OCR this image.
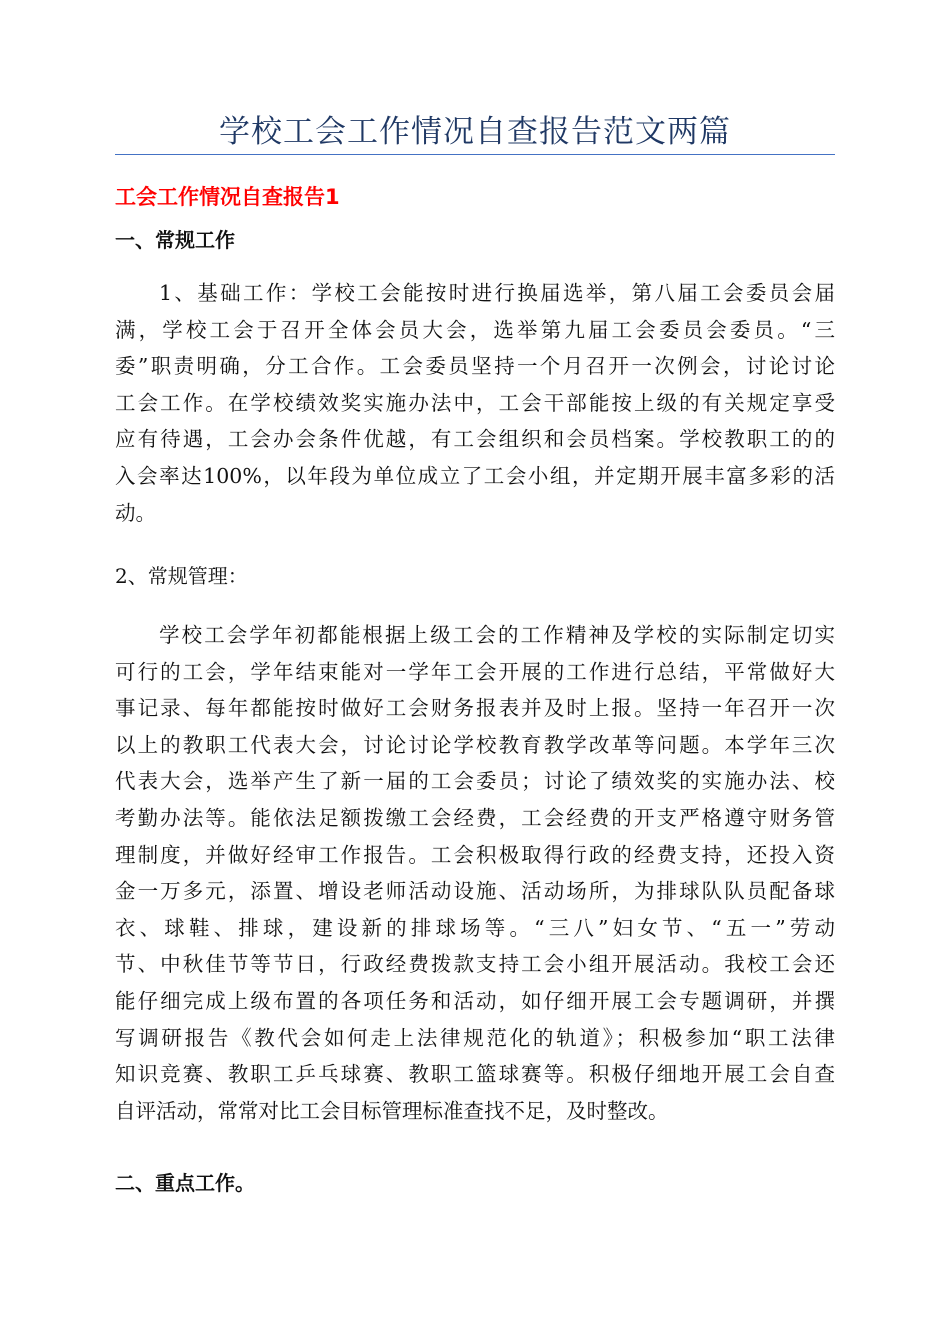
学校工会工作情况自查报告范文两篇
工会工作情况自查报告1
一、常规工作
1、基础工作：学校工会能按时进行换届选举，第八届工会委员会届
满，学校工会于召开全体会员大会，选举第九届工会委员会委员。“三
委”职责明确，分工合作。工会委员坚持一个月召开一次例会，讨论讨论
工会工作。在学校绩效奖实施办法中，工会干部能按上级的有关规定享受
应有待遇，工会办会条件优越，有工会组织和会员档案。学校教职工的的
入会率达100%，以年段为单位成立了工会小组，并定期开展丰富多彩的活
动。
2、常规管理：
学校工会学年初都能根据上级工会的工作精神及学校的实际制定切实
可行的工会，学年结束能对一学年工会开展的工作进行总结，平常做好大
事记录、每年都能按时做好工会财务报表并及时上报。坚持一年召开一次
以上的教职工代表大会，讨论讨论学校教育教学改革等问题。本学年三次
代表大会，选举产生了新一届的工会委员；讨论了绩效奖的实施办法、校
考勤办法等。能依法足额拨缴工会经费，工会经费的开支严格遵守财务管
理制度，并做好经审工作报告。工会积极取得行政的经费支持，还投入资
金一万多元，添置、增设老师活动设施、活动场所，为排球队队员配备球
衣、球鞋、排球，建设新的排球场等。“三八”妇女节、“五一”劳动
节、中秋佳节等节日，行政经费拨款支持工会小组开展活动。我校工会还
能仔细完成上级布置的各项任务和活动，如仔细开展工会专题调研，并撰
写调研报告《教代会如何走上法律规范化的轨道》；积极参加“职工法律
知识竞赛、教职工乒乓球赛、教职工篮球赛等。积极仔细地开展工会自查
自评活动，常常对比工会目标管理标准查找不足，及时整改。
二、重点工作。
